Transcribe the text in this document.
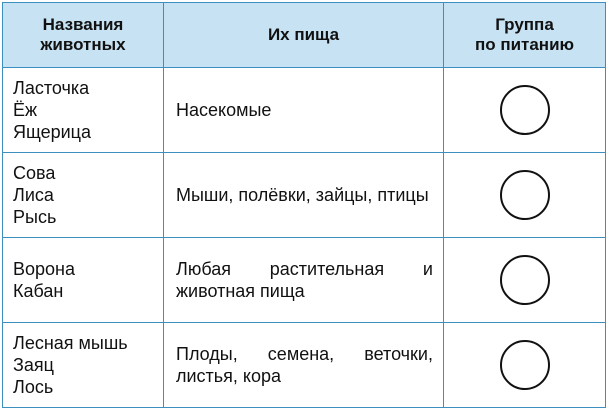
Названия
животных	Их пища	Группа
по питанию

Ласточка
Ёж
Ящерица	Насекомые	

Сова
Лиса
Рысь	Мыши, полёвки, зайцы, птицы	

Ворона
Кабан	Любая растительная и животная пища	

Лесная мышь
Заяц
Лось	Плоды, семена, веточки, листья, кора	
